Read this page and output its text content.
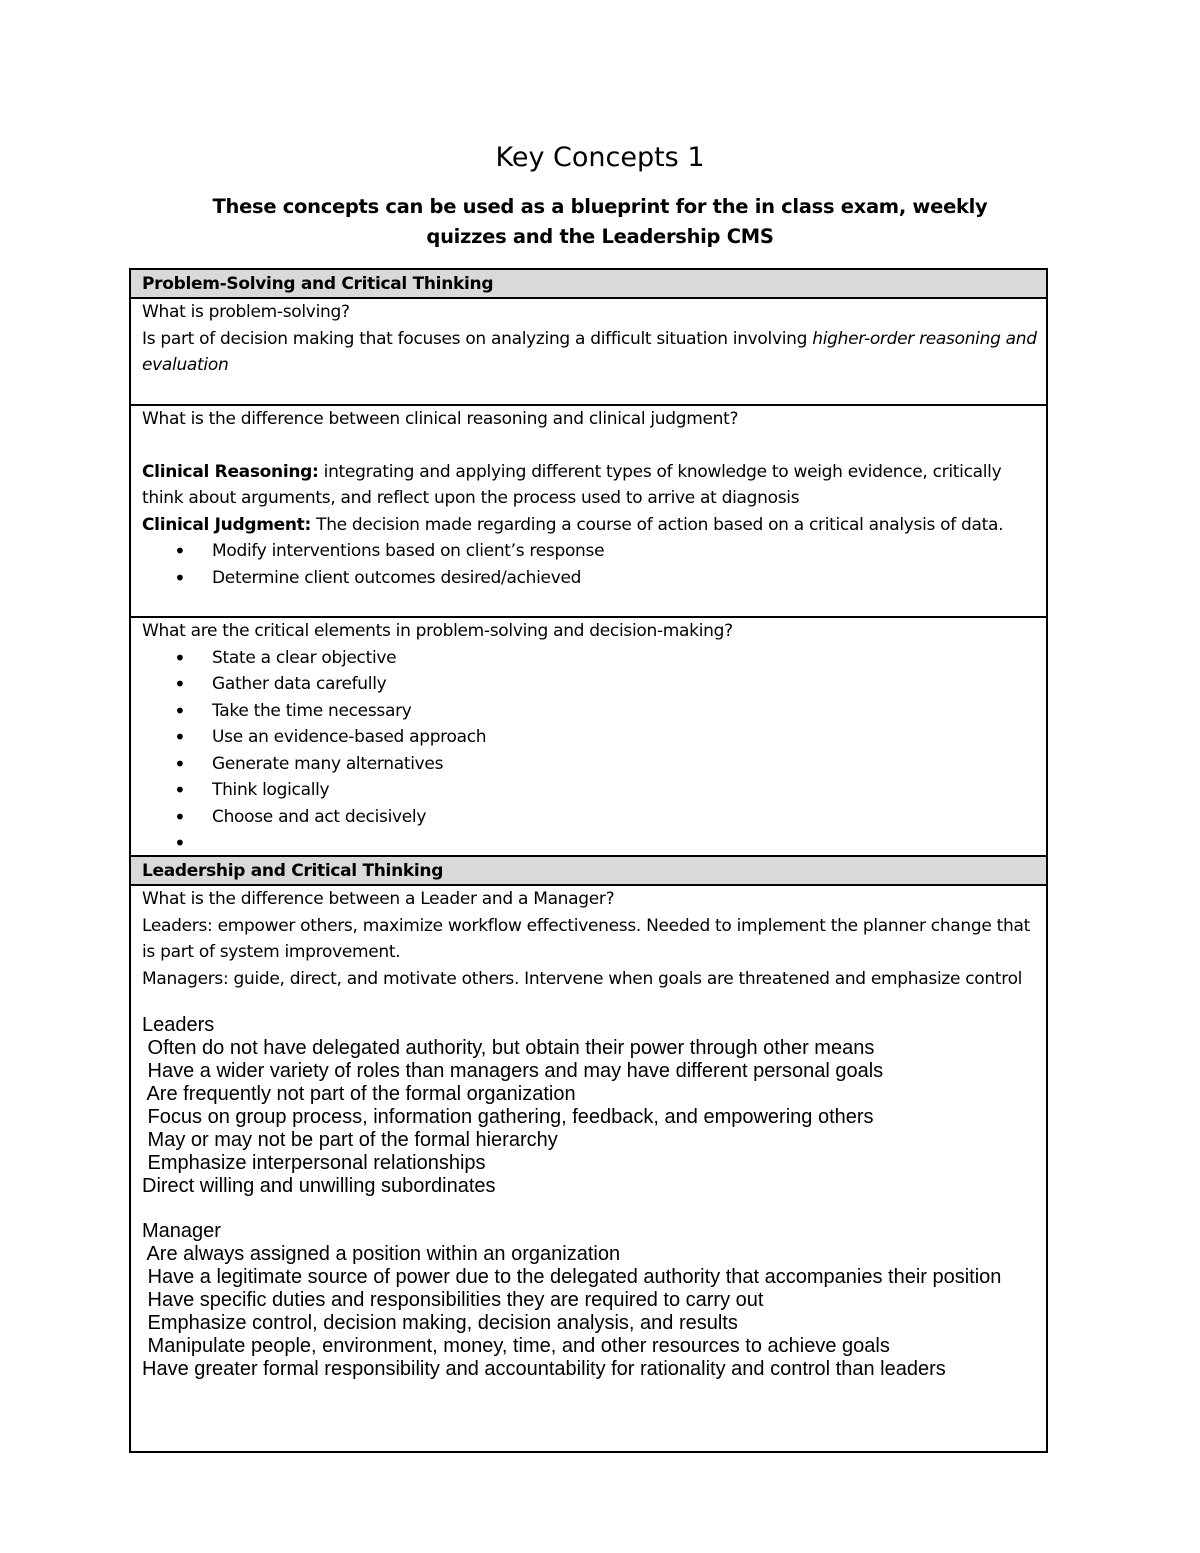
Key Concepts 1
These concepts can be used as a blueprint for the in class exam, weekly quizzes and the Leadership CMS
Problem-Solving and Critical Thinking

What is problem-solving?

Is part of decision making that focuses on analyzing a difficult situation involving higher-order reasoning and evaluation

What is the difference between clinical reasoning and clinical judgment?

Clinical Reasoning: integrating and applying different types of knowledge to weigh evidence, critically think about arguments, and reflect upon the process used to arrive at diagnosis

Clinical Judgment: The decision made regarding a course of action based on a critical analysis of data.

• Modify interventions based on client’s response
• Determine client outcomes desired/achieved

What are the critical elements in problem-solving and decision-making?

• State a clear objective
• Gather data carefully
• Take the time necessary
• Use an evidence-based approach
• Generate many alternatives
• Think logically
• Choose and act decisively
Leadership and Critical Thinking

What is the difference between a Leader and a Manager?

Leaders: empower others, maximize workflow effectiveness. Needed to implement the planner change that is part of system improvement.

Managers: guide, direct, and motivate others. Intervene when goals are threatened and emphasize control

Leaders

Often do not have delegated authority, but obtain their power through other means

Have a wider variety of roles than managers and may have different personal goals

Are frequently not part of the formal organization

Focus on group process, information gathering, feedback, and empowering others

May or may not be part of the formal hierarchy

Emphasize interpersonal relationships

Direct willing and unwilling subordinates

Manager

Are always assigned a position within an organization

Have a legitimate source of power due to the delegated authority that accompanies their position

Have specific duties and responsibilities they are required to carry out

Emphasize control, decision making, decision analysis, and results

Manipulate people, environment, money, time, and other resources to achieve goals

Have greater formal responsibility and accountability for rationality and control than leaders
